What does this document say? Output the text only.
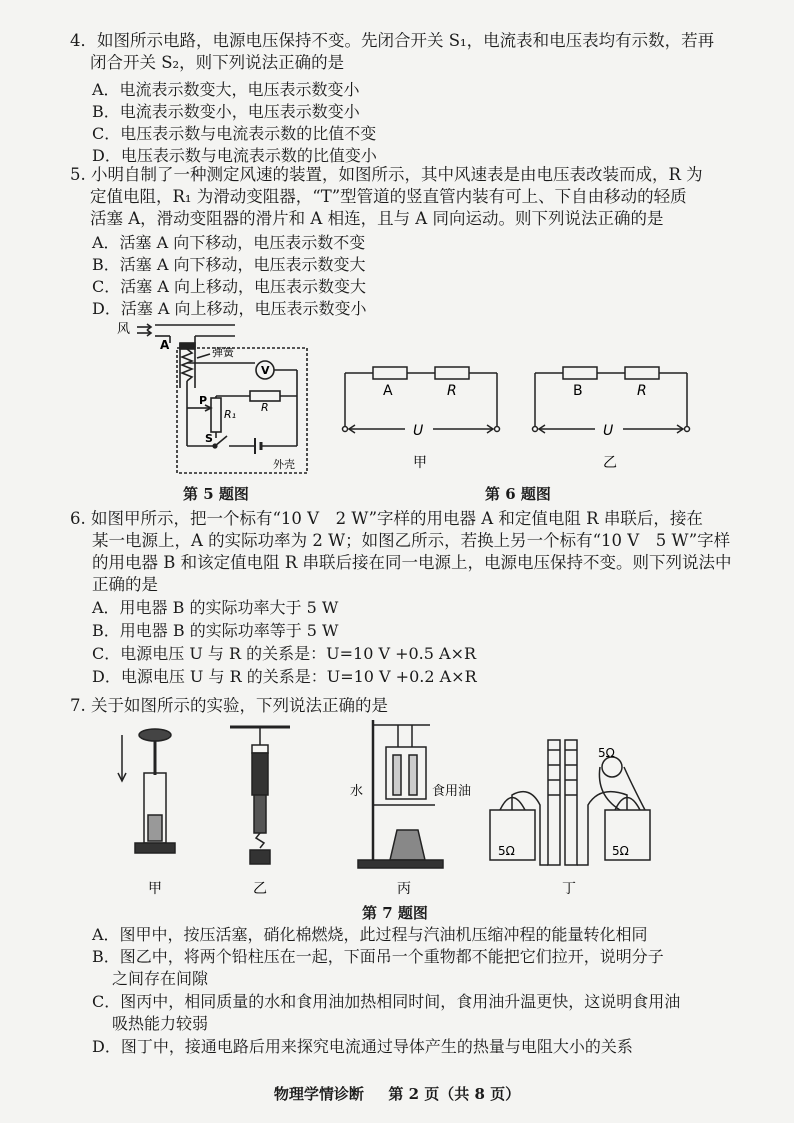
4．如图所示电路，电源电压保持不变。先闭合开关 S₁，电流表和电压表均有示数，若再

闭合开关 S₂，则下列说法正确的是

A．电流表示数变大，电压表示数变小
B．电流表示数变小，电压表示数变小
C．电压表示数与电流表示数的比值不变
D．电压表示数与电流表示数的比值变小

5. 小明自制了一种测定风速的装置，如图所示，其中风速表是由电压表改装而成，R 为

定值电阻，R₁ 为滑动变阻器，“T”型管道的竖直管内装有可上、下自由移动的轻质

活塞 A，滑动变阻器的滑片和 A 相连，且与 A 同向运动。则下列说法正确的是

A．活塞 A 向下移动，电压表示数不变
B．活塞 A 向下移动，电压表示数变大
C．活塞 A 向上移动，电压表示数变大
D．活塞 A 向上移动，电压表示数变小
风
A
弹簧
V
P
R₁
R
S
外壳
第 5 题图
A	R
U
甲
B	R
U
乙
第 6 题图

6. 如图甲所示，把一个标有“10 V　2 W”字样的用电器 A 和定值电阻 R 串联后，接在

某一电源上，A 的实际功率为 2 W；如图乙所示，若换上另一个标有“10 V　5 W”字样

的用电器 B 和该定值电阻 R 串联后接在同一电源上，电源电压保持不变。则下列说法中

正确的是

A．用电器 B 的实际功率大于 5 W
B．用电器 B 的实际功率等于 5 W
C．电源电压 U 与 R 的关系是：U=10 V +0.5 A×R
D．电源电压 U 与 R 的关系是：U=10 V +0.2 A×R

7. 关于如图所示的实验，下列说法正确的是

水	食用油
5Ω
5Ω	5Ω
甲	乙	丙	丁
第 7 题图
A．图甲中，按压活塞，硝化棉燃烧，此过程与汽油机压缩冲程的能量转化相同
B．图乙中，将两个铅柱压在一起，下面吊一个重物都不能把它们拉开，说明分子
之间存在间隙
C．图丙中，相同质量的水和食用油加热相同时间，食用油升温更快，这说明食用油
吸热能力较弱
D．图丁中，接通电路后用来探究电流通过导体产生的热量与电阻大小的关系
物理学情诊断 第 2 页（共 8 页）
